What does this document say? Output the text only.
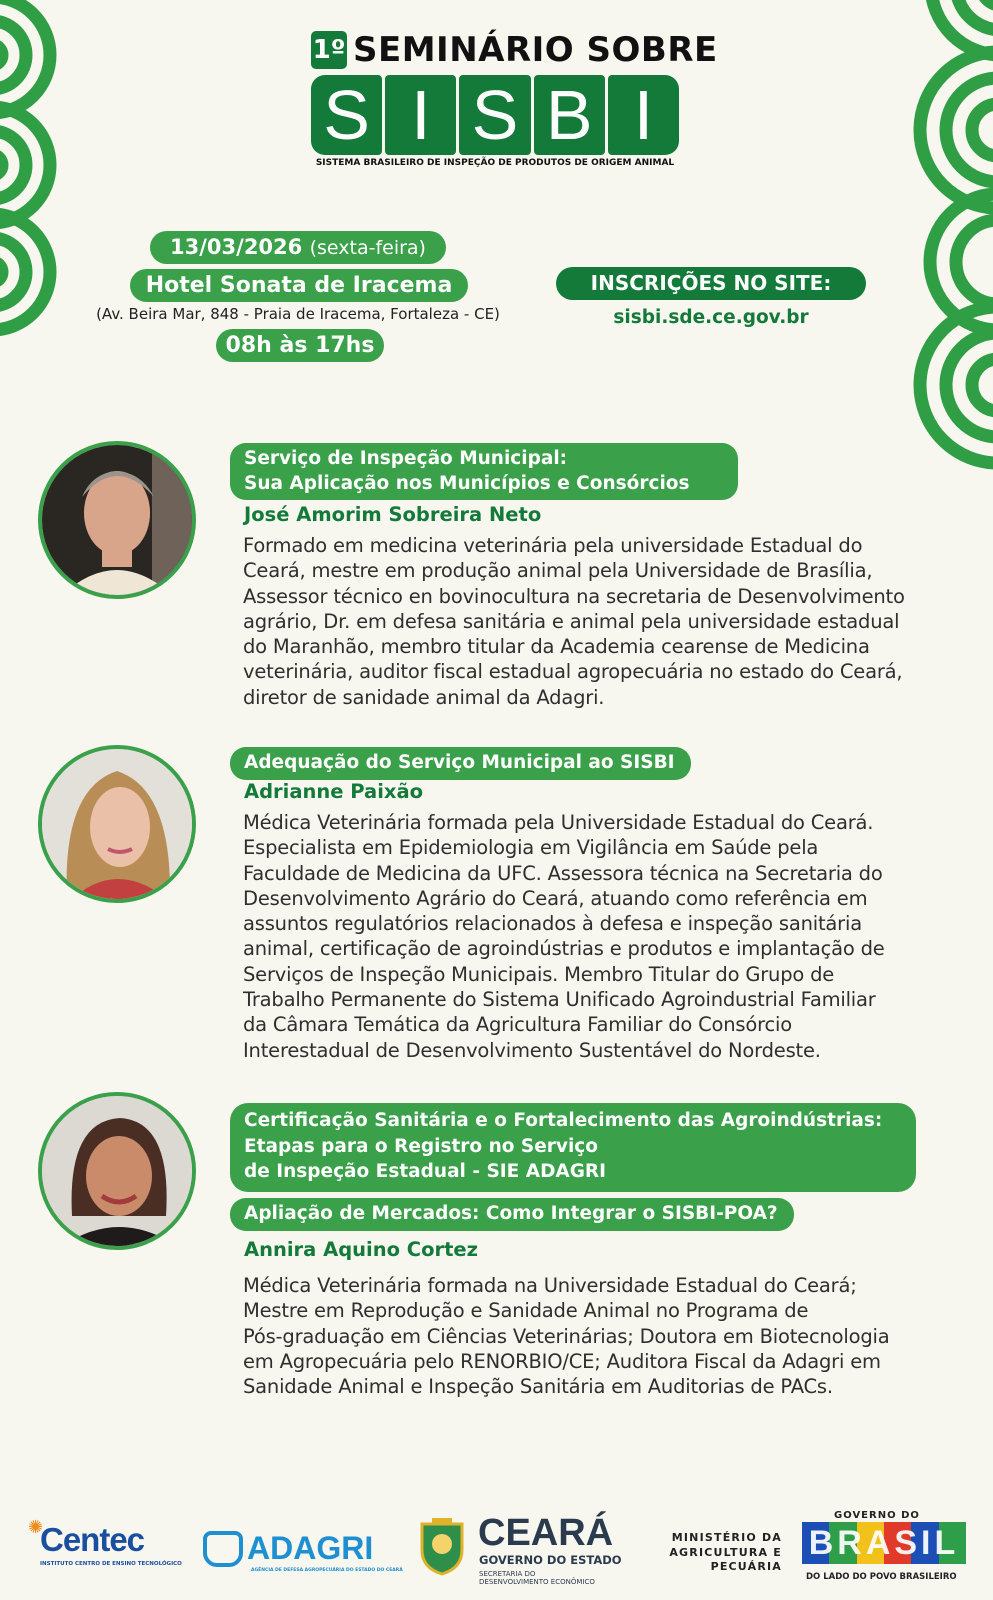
1º SEMINÁRIO SOBRE
S I S B I
SISTEMA BRASILEIRO DE INSPEÇÃO DE PRODUTOS DE ORIGEM ANIMAL
13/03/2026 (sexta-feira)
Hotel Sonata de Iracema
(Av. Beira Mar, 848 - Praia de Iracema, Fortaleza - CE)
08h às 17hs
INSCRIÇÕES NO SITE:
sisbi.sde.ce.gov.br
Serviço de Inspeção Municipal:
Sua Aplicação nos Municípios e Consórcios
José Amorim Sobreira Neto
Formado em medicina veterinária pela universidade Estadual do
Ceará, mestre em produção animal pela Universidade de Brasília,
Assessor técnico en bovinocultura na secretaria de Desenvolvimento
agrário, Dr. em defesa sanitária e animal pela universidade estadual
do Maranhão, membro titular da Academia cearense de Medicina
veterinária, auditor fiscal estadual agropecuária no estado do Ceará,
diretor de sanidade animal da Adagri.
Adequação do Serviço Municipal ao SISBI
Adrianne Paixão
Médica Veterinária formada pela Universidade Estadual do Ceará.
Especialista em Epidemiologia em Vigilância em Saúde pela
Faculdade de Medicina da UFC. Assessora técnica na Secretaria do
Desenvolvimento Agrário do Ceará, atuando como referência em
assuntos regulatórios relacionados à defesa e inspeção sanitária
animal, certificação de agroindústrias e produtos e implantação de
Serviços de Inspeção Municipais. Membro Titular do Grupo de
Trabalho Permanente do Sistema Unificado Agroindustrial Familiar
da Câmara Temática da Agricultura Familiar do Consórcio
Interestadual de Desenvolvimento Sustentável do Nordeste.
Certificação Sanitária e o Fortalecimento das Agroindústrias:
Etapas para o Registro no Serviço
de Inspeção Estadual - SIE ADAGRI
Apliação de Mercados: Como Integrar o SISBI-POA?
Annira Aquino Cortez
Médica Veterinária formada na Universidade Estadual do Ceará;
Mestre em Reprodução e Sanidade Animal no Programa de
Pós-graduação em Ciências Veterinárias; Doutora em Biotecnologia
em Agropecuária pelo RENORBIO/CE; Auditora Fiscal da Adagri em
Sanidade Animal e Inspeção Sanitária em Auditorias de PACs.
✺
Centec
INSTITUTO CENTRO DE ENSINO TECNOLÓGICO ADAGRI
AGÊNCIA DE DEFESA AGROPECUÁRIA DO ESTADO DO CEARÁ
CEARÁ
GOVERNO DO ESTADO
SECRETARIA DO
DESENVOLVIMENTO ECONÔMICO
MINISTÉRIO DA
AGRICULTURA E
PECUÁRIA
GOVERNO DO
BRASIL
DO LADO DO POVO BRASILEIRO
